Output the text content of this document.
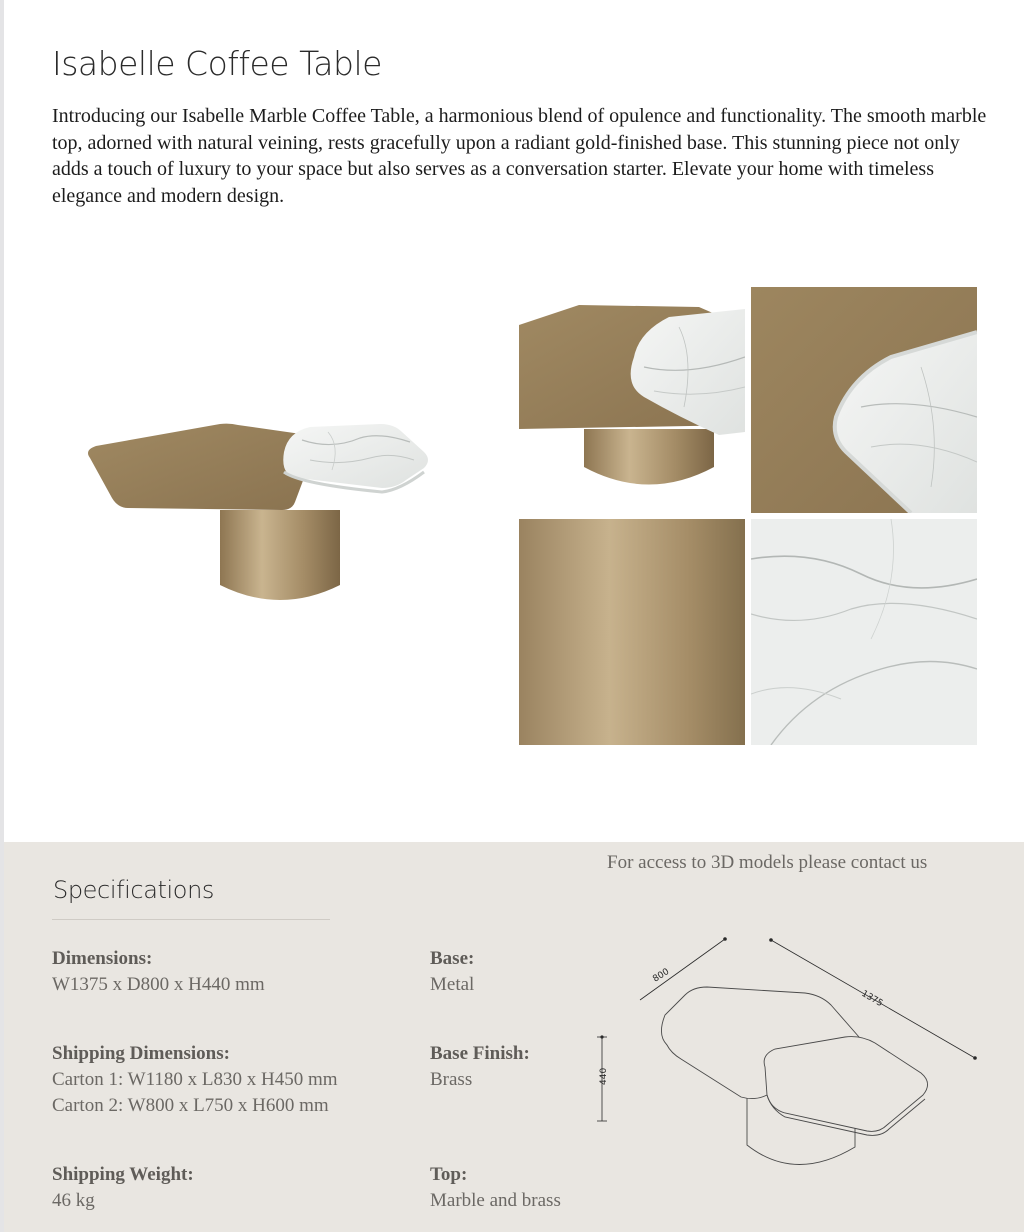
Isabelle Coffee Table

Introducing our Isabelle Marble Coffee Table, a harmonious blend of opulence and functionality. The smooth marble top, adorned with natural veining, rests gracefully upon a radiant gold-finished base. This stunning piece not only adds a touch of luxury to your space but also serves as a conversation starter. Elevate your home with timeless elegance and modern design.

For access to 3D models please contact us
Specifications
Dimensions:
W1375 x D800 x H440 mm
Base:
Metal
Shipping Dimensions:
Carton 1: W1180 x L830 x H450 mm
Carton 2: W800 x L750 x H600 mm
Base Finish:
Brass
Shipping Weight:
46 kg
Top:
Marble and brass
800
1375
440
